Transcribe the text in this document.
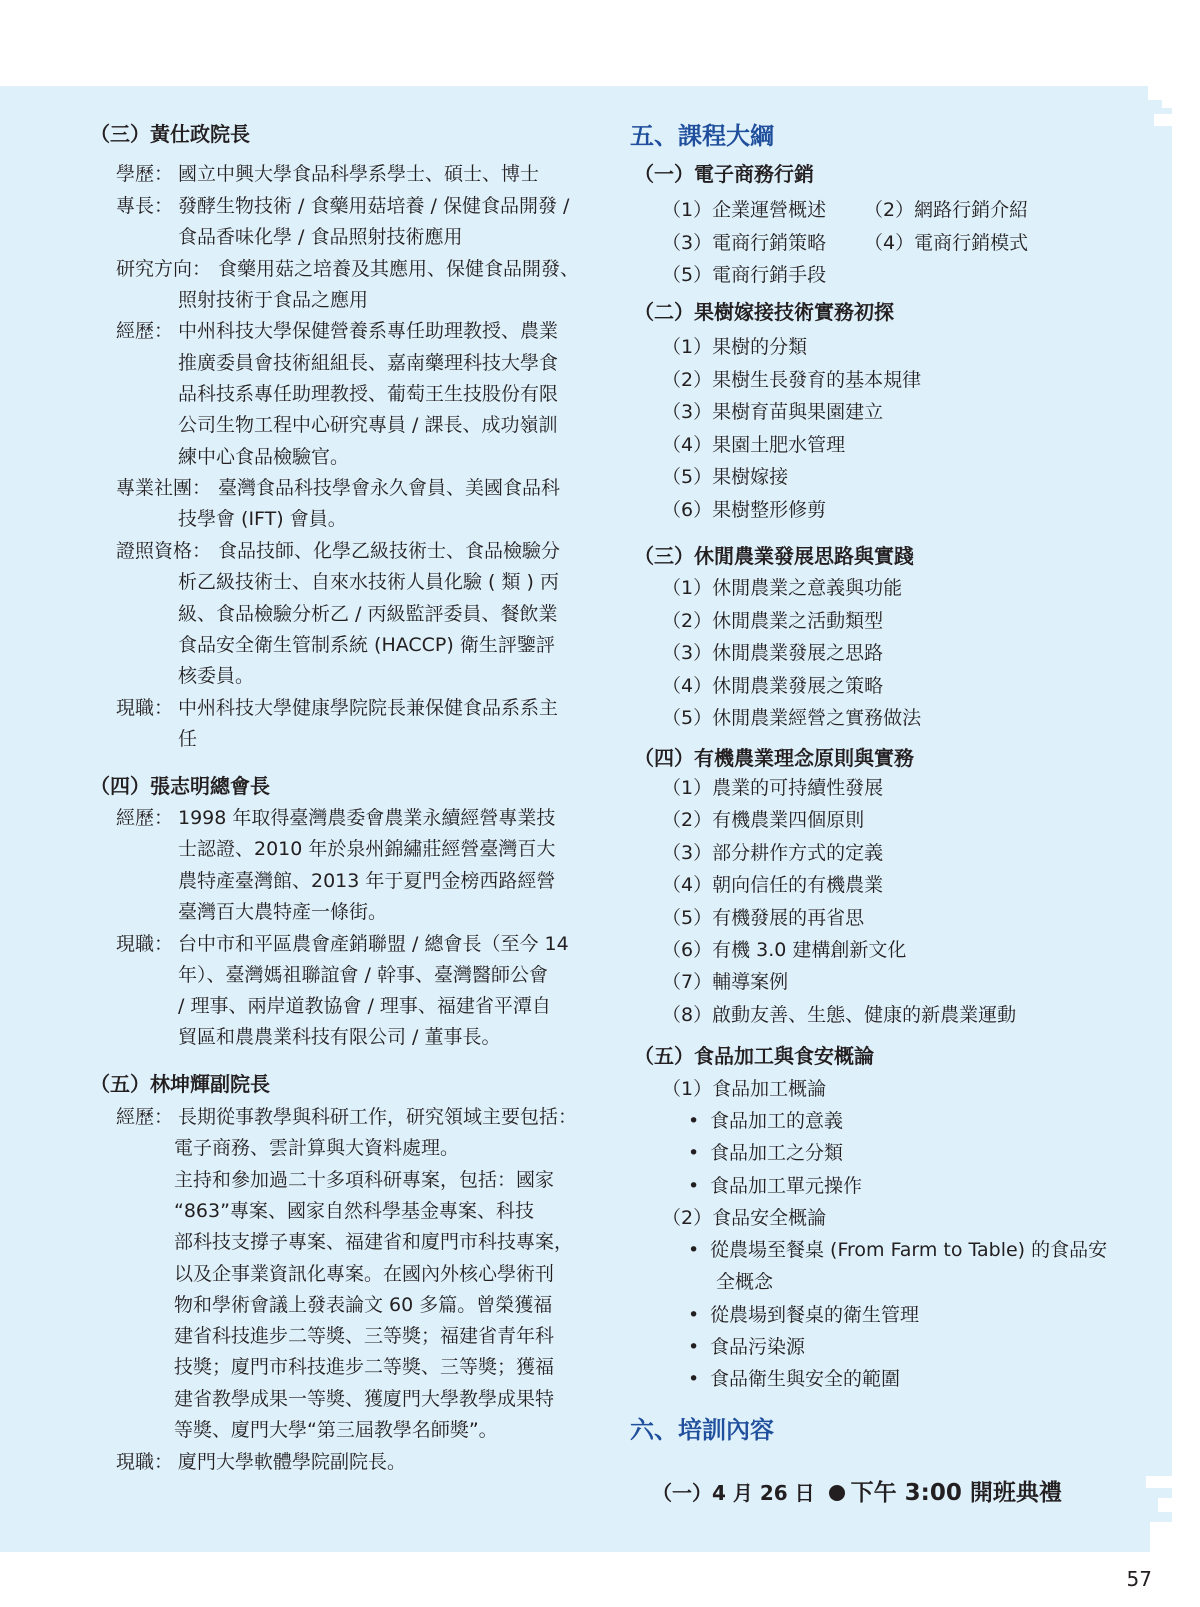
（三）黃仕政院長
學歷： 國立中興大學食品科學系學士、碩士、博士
專長： 發酵生物技術 / 食藥用菇培養 / 保健食品開發 /
食品香味化學 / 食品照射技術應用
研究方向： 食藥用菇之培養及其應用、保健食品開發、
照射技術于食品之應用
經歷： 中州科技大學保健營養系專任助理教授、農業
推廣委員會技術組組長、嘉南藥理科技大學食
品科技系專任助理教授、葡萄王生技股份有限
公司生物工程中心研究專員 / 課長、成功嶺訓
練中心食品檢驗官。
專業社團： 臺灣食品科技學會永久會員、美國食品科
技學會 (IFT) 會員。
證照資格： 食品技師、化學乙級技術士、食品檢驗分
析乙級技術士、自來水技術人員化驗 ( 類 ) 丙
級、食品檢驗分析乙 / 丙級監評委員、餐飲業
食品安全衛生管制系統 (HACCP) 衛生評鑒評
核委員。
現職： 中州科技大學健康學院院長兼保健食品系系主
任
（四）張志明總會長
經歷： 1998 年取得臺灣農委會農業永續經營專業技
士認證、2010 年於泉州錦繡莊經營臺灣百大
農特產臺灣館、2013 年于夏門金榜西路經營
臺灣百大農特產一條街。
現職： 台中市和平區農會產銷聯盟 / 總會長（至今 14
年）、臺灣媽祖聯誼會 / 幹事、臺灣醫師公會
/ 理事、兩岸道教協會 / 理事、福建省平潭自
貿區和農農業科技有限公司 / 董事長。
（五）林坤輝副院長
經歷： 長期從事教學與科研工作，研究領域主要包括：
電子商務、雲計算與大資料處理。
主持和參加過二十多項科研專案，包括：國家
“863”專案、國家自然科學基金專案、科技
部科技支撐子專案、福建省和廈門市科技專案，
以及企事業資訊化專案。在國內外核心學術刊
物和學術會議上發表論文 60 多篇。曾榮獲福
建省科技進步二等獎、三等獎；福建省青年科
技獎；廈門市科技進步二等獎、三等獎；獲福
建省教學成果一等獎、獲廈門大學教學成果特
等獎、廈門大學“第三屆教學名師獎”。
現職： 廈門大學軟體學院副院長。
五、課程大綱
（一）電子商務行銷
（1）企業運營概述 （2）網路行銷介紹
（3）電商行銷策略 （4）電商行銷模式
（5）電商行銷手段
（二）果樹嫁接技術實務初探
（1）果樹的分類
（2）果樹生長發育的基本規律
（3）果樹育苗與果園建立
（4）果園土肥水管理
（5）果樹嫁接
（6）果樹整形修剪
（三）休閒農業發展思路與實踐
（1）休閒農業之意義與功能
（2）休閒農業之活動類型
（3）休閒農業發展之思路
（4）休閒農業發展之策略
（5）休閒農業經營之實務做法
（四）有機農業理念原則與實務
（1）農業的可持續性發展
（2）有機農業四個原則
（3）部分耕作方式的定義
（4）朝向信任的有機農業
（5）有機發展的再省思
（6）有機 3.0 建構創新文化
（7）輔導案例
（8）啟動友善、生態、健康的新農業運動
（五）食品加工與食安概論
（1）食品加工概論
• 食品加工的意義
• 食品加工之分類
• 食品加工單元操作
（2）食品安全概論
• 從農場至餐桌 (From Farm to Table) 的食品安
全概念
• 從農場到餐桌的衛生管理
• 食品污染源
• 食品衛生與安全的範圍
六、培訓內容
（一）4 月 26 日 下午 3:00 開班典禮
57
